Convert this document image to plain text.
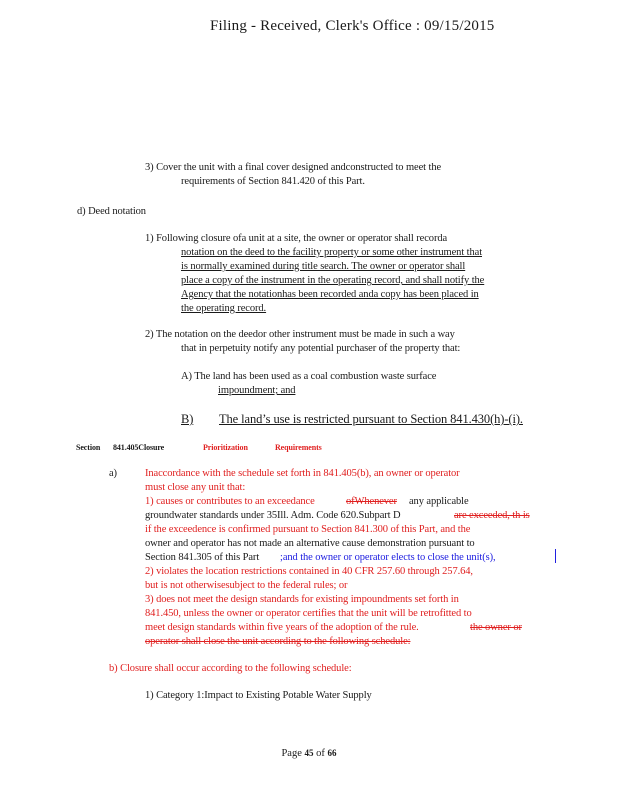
Filing - Received, Clerk's Office : 09/15/2015
3) Cover the unit with a final cover designed andconstructed to meet the
requirements of Section 841.420 of this Part.
d) Deed notation
1) Following closure ofa unit at a site, the owner or operator shall recorda
notation on the deed to the facility property or some other instrument that
is normally examined during title search. The owner or operator shall
place a copy of the instrument in the operating record, and shall notify the
Agency that the notationhas been recorded anda copy has been placed in
the operating record.
2) The notation on the deedor other instrument must be made in such a way
that in perpetuity notify any potential purchaser of the property that:
A) The land has been used as a coal combustion waste surface
impoundment; and
B) The land’s use is restricted pursuant to Section 841.430(h)-(i).
Section 841.405Closure	Prioritization	Requirements
a)	Inaccordance with the schedule set forth in 841.405(b), an owner or operator
must close any unit that:
1) causes or contributes to an exceedance	ofWhenever any applicable
groundwater standards under 35Ill. Adm. Code 620.Subpart D	are exceeded, th is
if the exceedence is confirmed pursuant to Section 841.300 of this Part, and the
owner and operator has not made an alternative cause demonstration pursuant to
Section 841.305 of this Part ;and the owner or operator elects to close the unit(s),
2) violates the location restrictions contained in 40 CFR 257.60 through 257.64,
but is not otherwisesubject to the federal rules; or
3) does not meet the design standards for existing impoundments set forth in
841.450, unless the owner or operator certifies that the unit will be retrofitted to
meet design standards within five years of the adoption of the rule.	the owner or
operator shall close the unit according to the following schedule:
b) Closure shall occur according to the following schedule:
1) Category 1:Impact to Existing Potable Water Supply
Page 45 of 66
